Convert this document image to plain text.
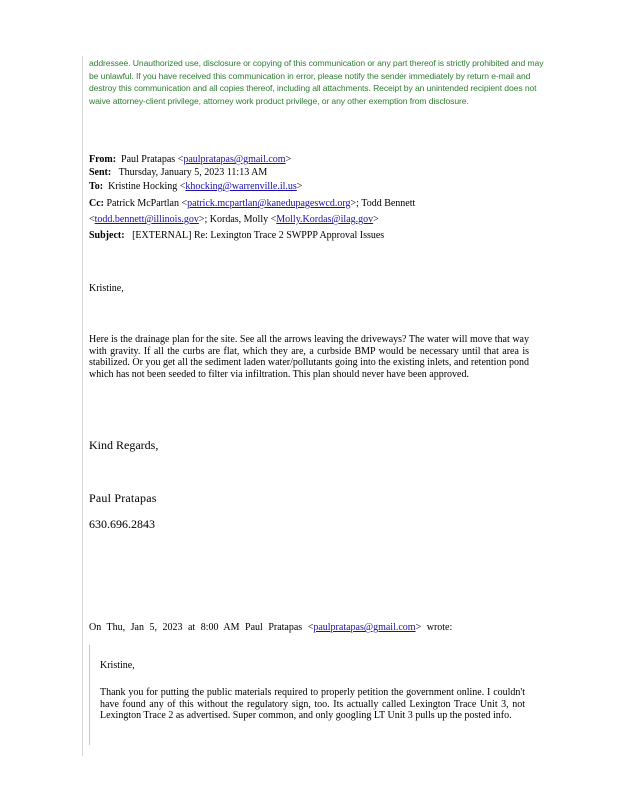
addressee. Unauthorized use, disclosure or copying of this communication or any part thereof is strictly prohibited and may be unlawful. If you have received this communication in error, please notify the sender immediately by return e-mail and destroy this communication and all copies thereof, including all attachments. Receipt by an unintended recipient does not waive attorney-client privilege, attorney work product privilege, or any other exemption from disclosure.
From: Paul Pratapas <paulpratapas@gmail.com>
Sent: Thursday, January 5, 2023 11:13 AM
To: Kristine Hocking <khocking@warrenville.il.us>
Cc: Patrick McPartlan <patrick.mcpartlan@kanedupageswcd.org>; Todd Bennett
<todd.bennett@illinois.gov>; Kordas, Molly <Molly.Kordas@ilag.gov>
Subject: [EXTERNAL] Re: Lexington Trace 2 SWPPP Approval Issues
Kristine,
Here is the drainage plan for the site. See all the arrows leaving the driveways? The water will move that way with gravity. If all the curbs are flat, which they are, a curbside BMP would be necessary until that area is stabilized. Or you get all the sediment laden water/pollutants going into the existing inlets, and retention pond which has not been seeded to filter via infiltration. This plan should never have been approved.
Kind Regards,
Paul Pratapas
630.696.2843
On Thu, Jan 5, 2023 at 8:00 AM Paul Pratapas <paulpratapas@gmail.com> wrote:
Kristine,
Thank you for putting the public materials required to properly petition the government online. I couldn't have found any of this without the regulatory sign, too. Its actually called Lexington Trace Unit 3, not Lexington Trace 2 as advertised. Super common, and only googling LT Unit 3 pulls up the posted info.
